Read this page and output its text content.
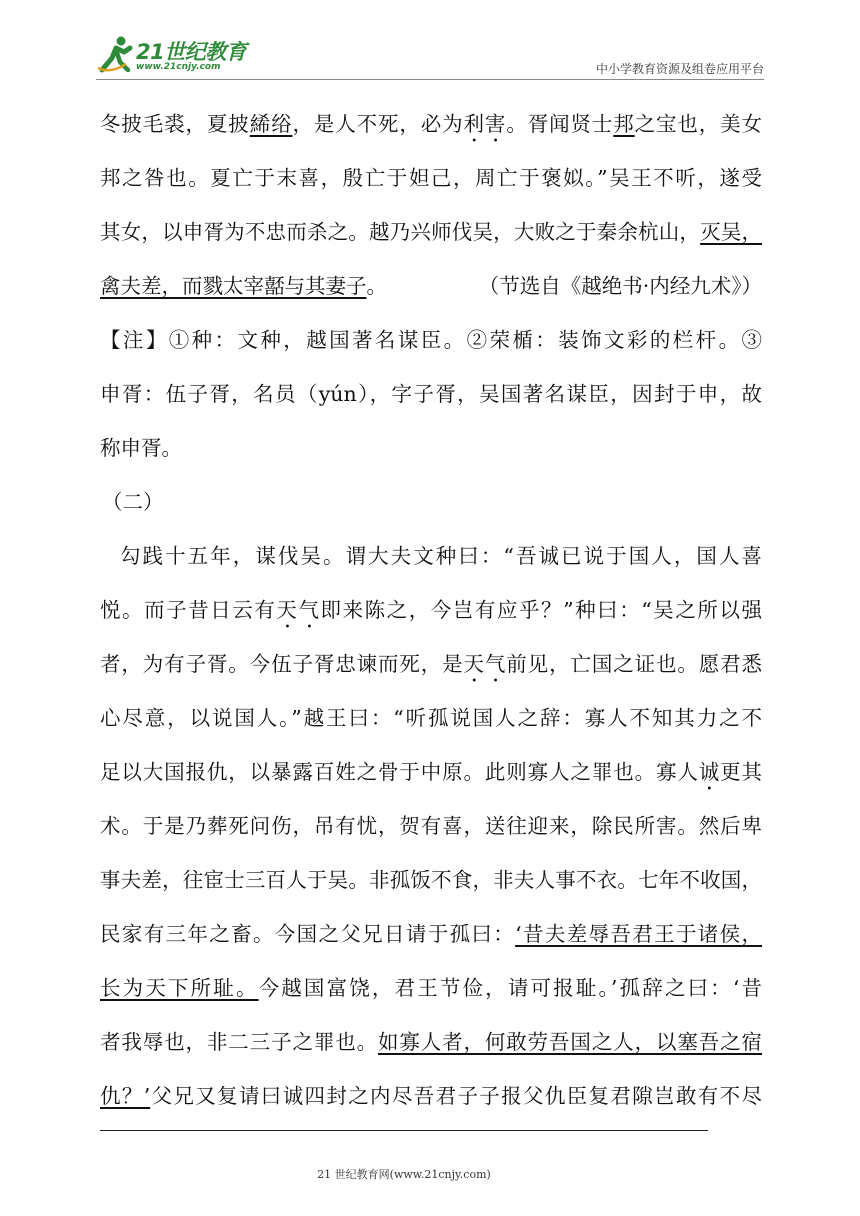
21世纪教育
www.21cnjy.com	中小学教育资源及组卷应用平台
冬披毛裘，夏披絺绤，是人不死，必为利害。胥闻贤士邦之宝也，美女
邦之咎也。夏亡于末喜，殷亡于妲己，周亡于褒姒。”吴王不听，遂受
其女，以申胥为不忠而杀之。越乃兴师伐吴，大败之于秦余杭山，灭吴，
禽夫差，而戮太宰嚭与其妻子。	（节选自《越绝书·内经九术》）
【注】①种：文种，越国著名谋臣。②荣楯：装饰文彩的栏杆。③
申胥：伍子胥，名员（yún），字子胥，吴国著名谋臣，因封于申，故
称申胥。
（二）
勾践十五年，谋伐吴。谓大夫文种曰：“吾诚已说于国人，国人喜
悦。而子昔日云有天气即来陈之，今岂有应乎？”种曰：“吴之所以强
者，为有子胥。今伍子胥忠谏而死，是天气前见，亡国之证也。愿君悉
心尽意，以说国人。”越王曰：“听孤说国人之辞：寡人不知其力之不
足以大国报仇，以暴露百姓之骨于中原。此则寡人之罪也。寡人诚更其
术。于是乃葬死问伤，吊有忧，贺有喜，送往迎来，除民所害。然后卑
事夫差，往宦士三百人于吴。非孤饭不食，非夫人事不衣。七年不收国，
民家有三年之畜。今国之父兄日请于孤曰：‘昔夫差辱吾君王于诸侯，
长为天下所耻。今越国富饶，君王节俭，请可报耻。’孤辞之曰：‘昔
者我辱也，非二三子之罪也。如寡人者，何敢劳吾国之人，以塞吾之宿
仇？’父兄又复请曰诚四封之内尽吾君子子报父仇臣复君隙岂敢有不尽
21 世纪教育网(www.21cnjy.com)
